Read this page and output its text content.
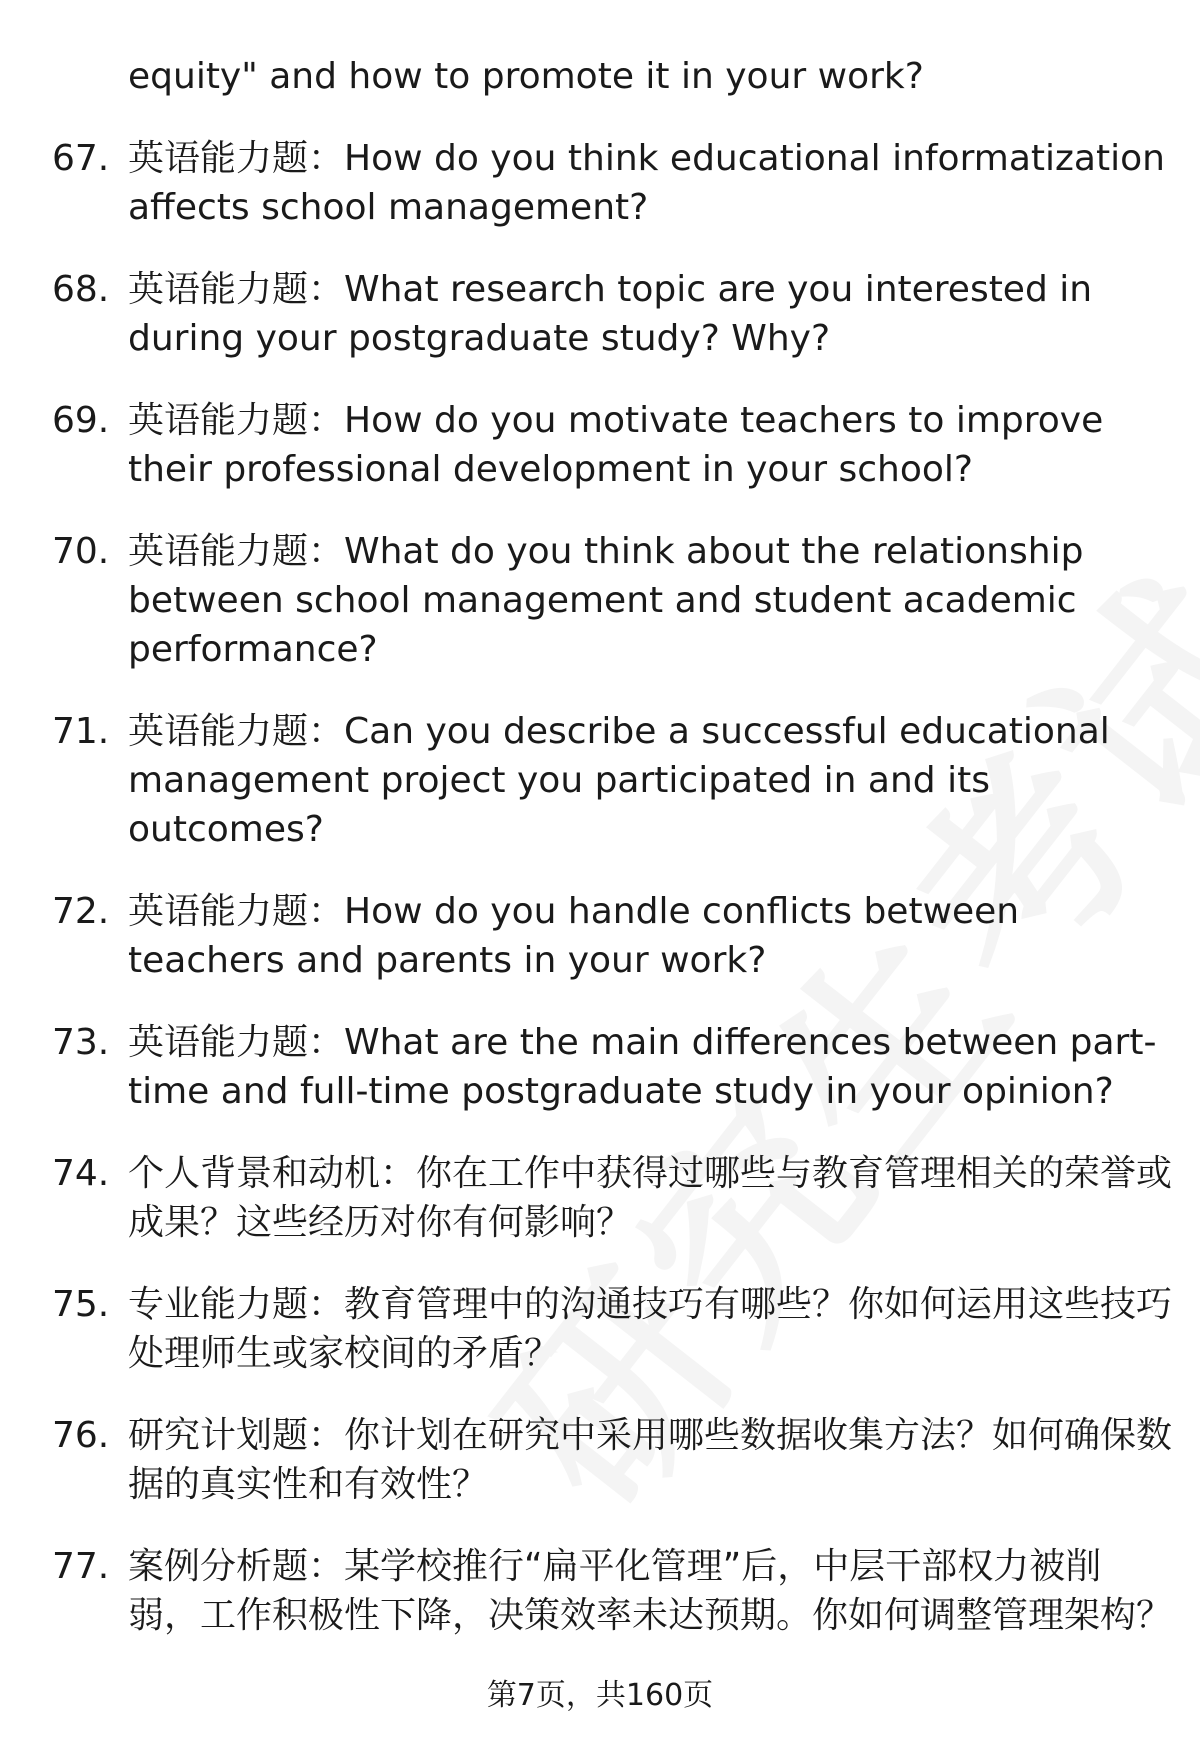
equity" and how to promote it in your work?
67. 英语能力题：How do you think educational informatization affects school management?
68. 英语能力题：What research topic are you interested in during your postgraduate study? Why?
69. 英语能力题：How do you motivate teachers to improve their professional development in your school?
70. 英语能力题：What do you think about the relationship between school management and student academic performance?
71. 英语能力题：Can you describe a successful educational management project you participated in and its outcomes?
72. 英语能力题：How do you handle conflicts between teachers and parents in your work?
73. 英语能力题：What are the main differences between part-time and full-time postgraduate study in your opinion?
74. 个人背景和动机：你在工作中获得过哪些与教育管理相关的荣誉或成果？这些经历对你有何影响？
75. 专业能力题：教育管理中的沟通技巧有哪些？你如何运用这些技巧处理师生或家校间的矛盾？
76. 研究计划题：你计划在研究中采用哪些数据收集方法？如何确保数据的真实性和有效性？
77. 案例分析题：某学校推行“扁平化管理”后，中层干部权力被削弱，工作积极性下降，决策效率未达预期。你如何调整管理架构？
第7页，共160页
